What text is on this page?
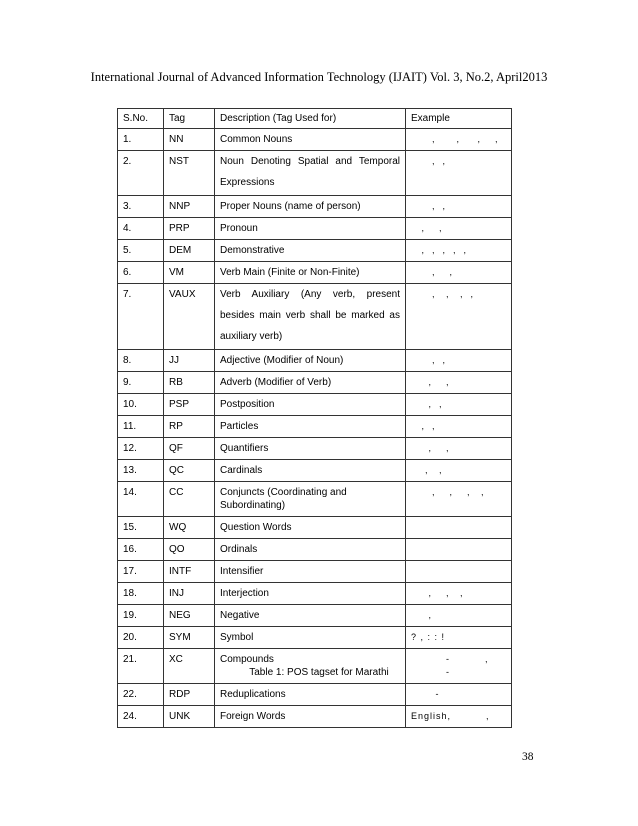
International Journal of Advanced Information Technology (IJAIT) Vol. 3, No.2, April2013
S.No.	Tag	Description (Tag Used for)	Example
1.	NN	Common Nouns	,      ,     ,    ,
2.	NST	Noun Denoting Spatial and Temporal Expressions	,  ,
3.	NNP	Proper Nouns (name of person)	,  ,
4.	PRP	Pronoun	,    ,
5.	DEM	Demonstrative	,  ,  ,  ,  ,
6.	VM	Verb Main (Finite or Non-Finite)	,    ,
7.	VAUX	Verb Auxiliary (Any verb, present besides main verb shall be marked as auxiliary verb)	,   ,   ,  ,
8.	JJ	Adjective (Modifier of Noun)	,  ,
9.	RB	Adverb (Modifier of Verb)	,    ,
10.	PSP	Postposition	,  ,
11.	RP	Particles	,  ,
12.	QF	Quantifiers	,    ,
13.	QC	Cardinals	,   ,
14.	CC	Conjuncts (Coordinating and Subordinating)	,    ,    ,   ,
15.	WQ	Question Words	
16.	QO	Ordinals	
17.	INTF	Intensifier	
18.	INJ	Interjection	,    ,   ,
19.	NEG	Negative	,
20.	SYM	Symbol	? , : : !
21.	XC	Compounds	-          ,
-
22.	RDP	Reduplications	-
24.	UNK	Foreign Words	English,          ,
Table 1: POS tagset for Marathi
38
